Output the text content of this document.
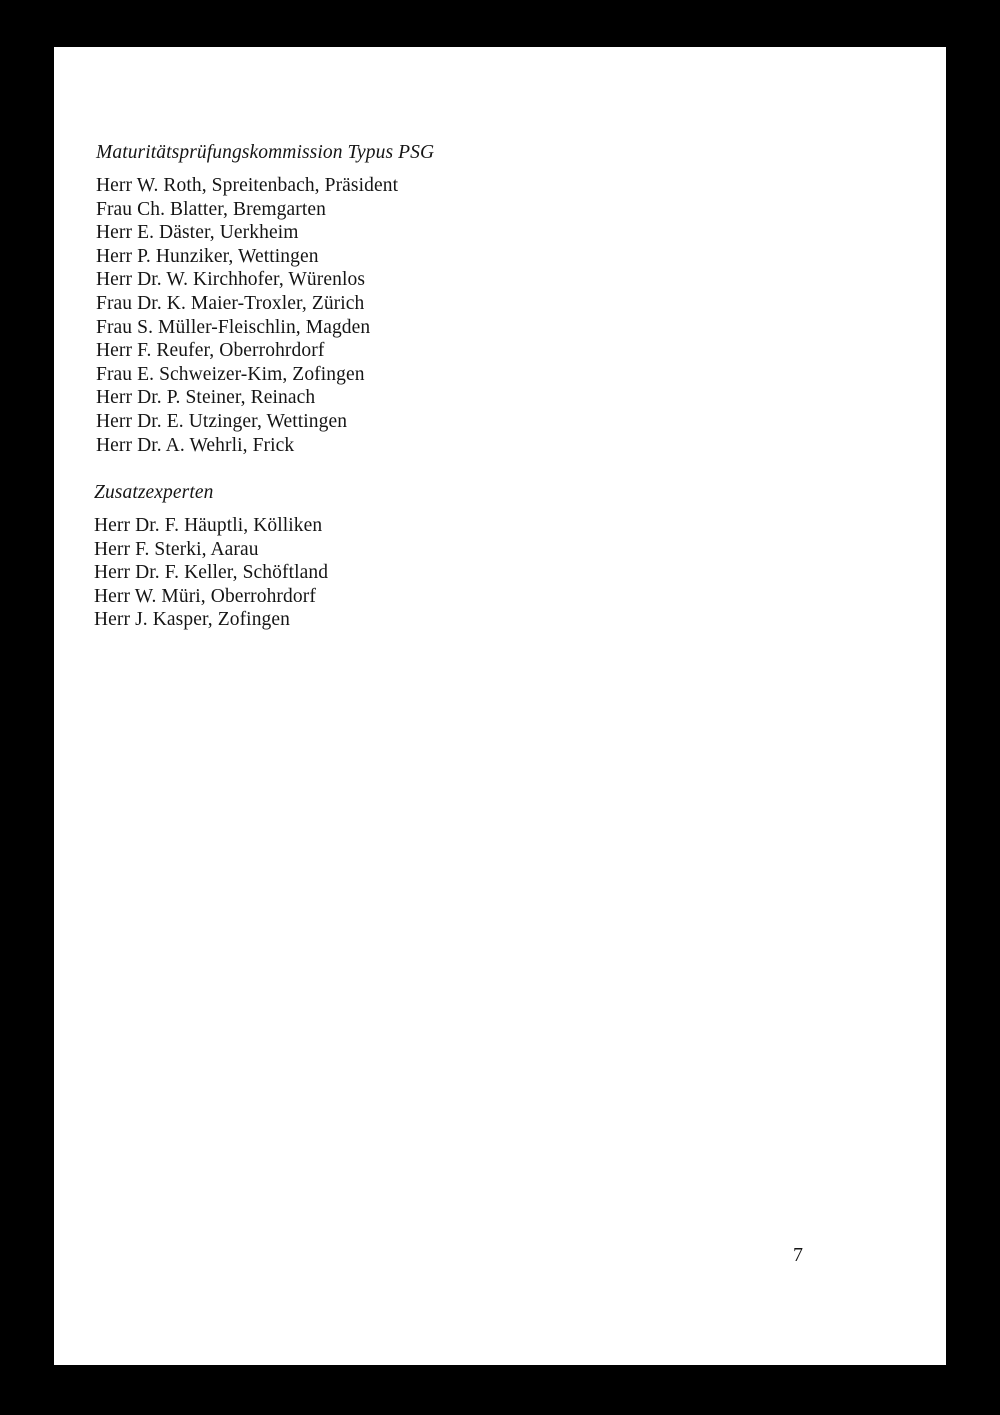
Maturitätsprüfungskommission Typus PSG
Herr W. Roth, Spreitenbach, Präsident
Frau Ch. Blatter, Bremgarten
Herr E. Däster, Uerkheim
Herr P. Hunziker, Wettingen
Herr Dr. W. Kirchhofer, Würenlos
Frau Dr. K. Maier-Troxler, Zürich
Frau S. Müller-Fleischlin, Magden
Herr F. Reufer, Oberrohrdorf
Frau E. Schweizer-Kim, Zofingen
Herr Dr. P. Steiner, Reinach
Herr Dr. E. Utzinger, Wettingen
Herr Dr. A. Wehrli, Frick
Zusatzexperten
Herr Dr. F. Häuptli, Kölliken
Herr F. Sterki, Aarau
Herr Dr. F. Keller, Schöftland
Herr W. Müri, Oberrohrdorf
Herr J. Kasper, Zofingen
7
